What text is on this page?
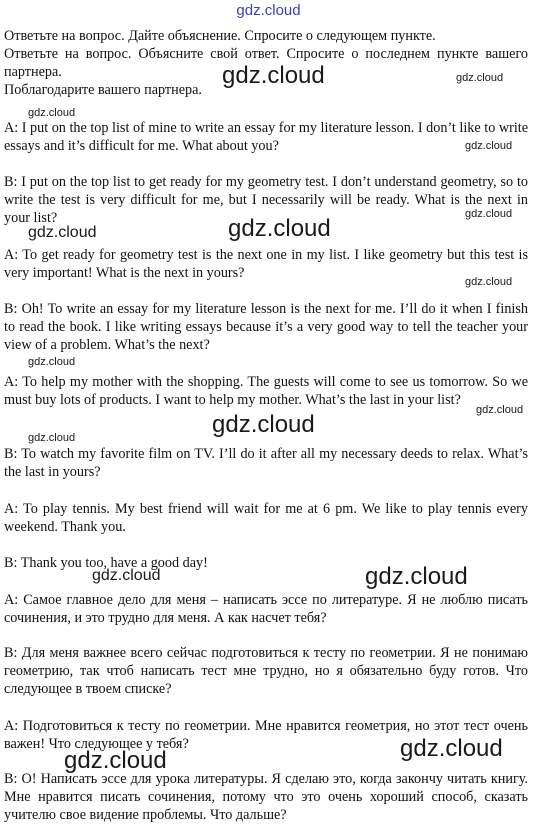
gdz.cloud
Ответьте на вопрос. Дайте объяснение. Спросите о следующем пункте.
Ответьте на вопрос. Объясните свой ответ. Спросите о последнем пункте вашего партнера.
Поблагодарите вашего партнера.
A: I put on the top list of mine to write an essay for my literature lesson. I don’t like to write essays and it’s difficult for me. What about you?
B: I put on the top list to get ready for my geometry test. I don’t understand geometry, so to write the test is very difficult for me, but I necessarily will be ready. What is the next in your list?
A: To get ready for geometry test is the next one in my list. I like geometry but this test is very important! What is the next in yours?
B: Oh! To write an essay for my literature lesson is the next for me. I’ll do it when I finish to read the book. I like writing essays because it’s a very good way to tell the teacher your view of a problem. What’s the next?
A: To help my mother with the shopping. The guests will come to see us tomorrow. So we must buy lots of products. I want to help my mother. What’s the last in your list?
B: To watch my favorite film on TV. I’ll do it after all my necessary deeds to relax. What’s the last in yours?
A: To play tennis. My best friend will wait for me at 6 pm. We like to play tennis every weekend. Thank you.
B: Thank you too, have a good day!
А: Самое главное дело для меня – написать эссе по литературе. Я не люблю писать сочинения, и это трудно для меня. А как насчет тебя?
В: Для меня важнее всего сейчас подготовиться к тесту по геометрии. Я не понимаю геометрию, так чтоб написать тест мне трудно, но я обязательно буду готов. Что следующее в твоем списке?
А: Подготовиться к тесту по геометрии. Мне нравится геометрия, но этот тест очень важен! Что следующее у тебя?
В: О! Написать эссе для урока литературы. Я сделаю это, когда закончу читать книгу. Мне нравится писать сочинения, потому что это очень хороший способ, сказать учителю свое видение проблемы. Что дальше?
gdz.cloud	gdz.cloud
gdz.cloud
gdz.cloud
gdz.cloud
gdz.cloud
gdz.cloud
gdz.cloud
gdz.cloud
gdz.cloud
gdz.cloud
gdz.cloud
gdz.cloud	gdz.cloud
gdz.cloud
gdz.cloud
